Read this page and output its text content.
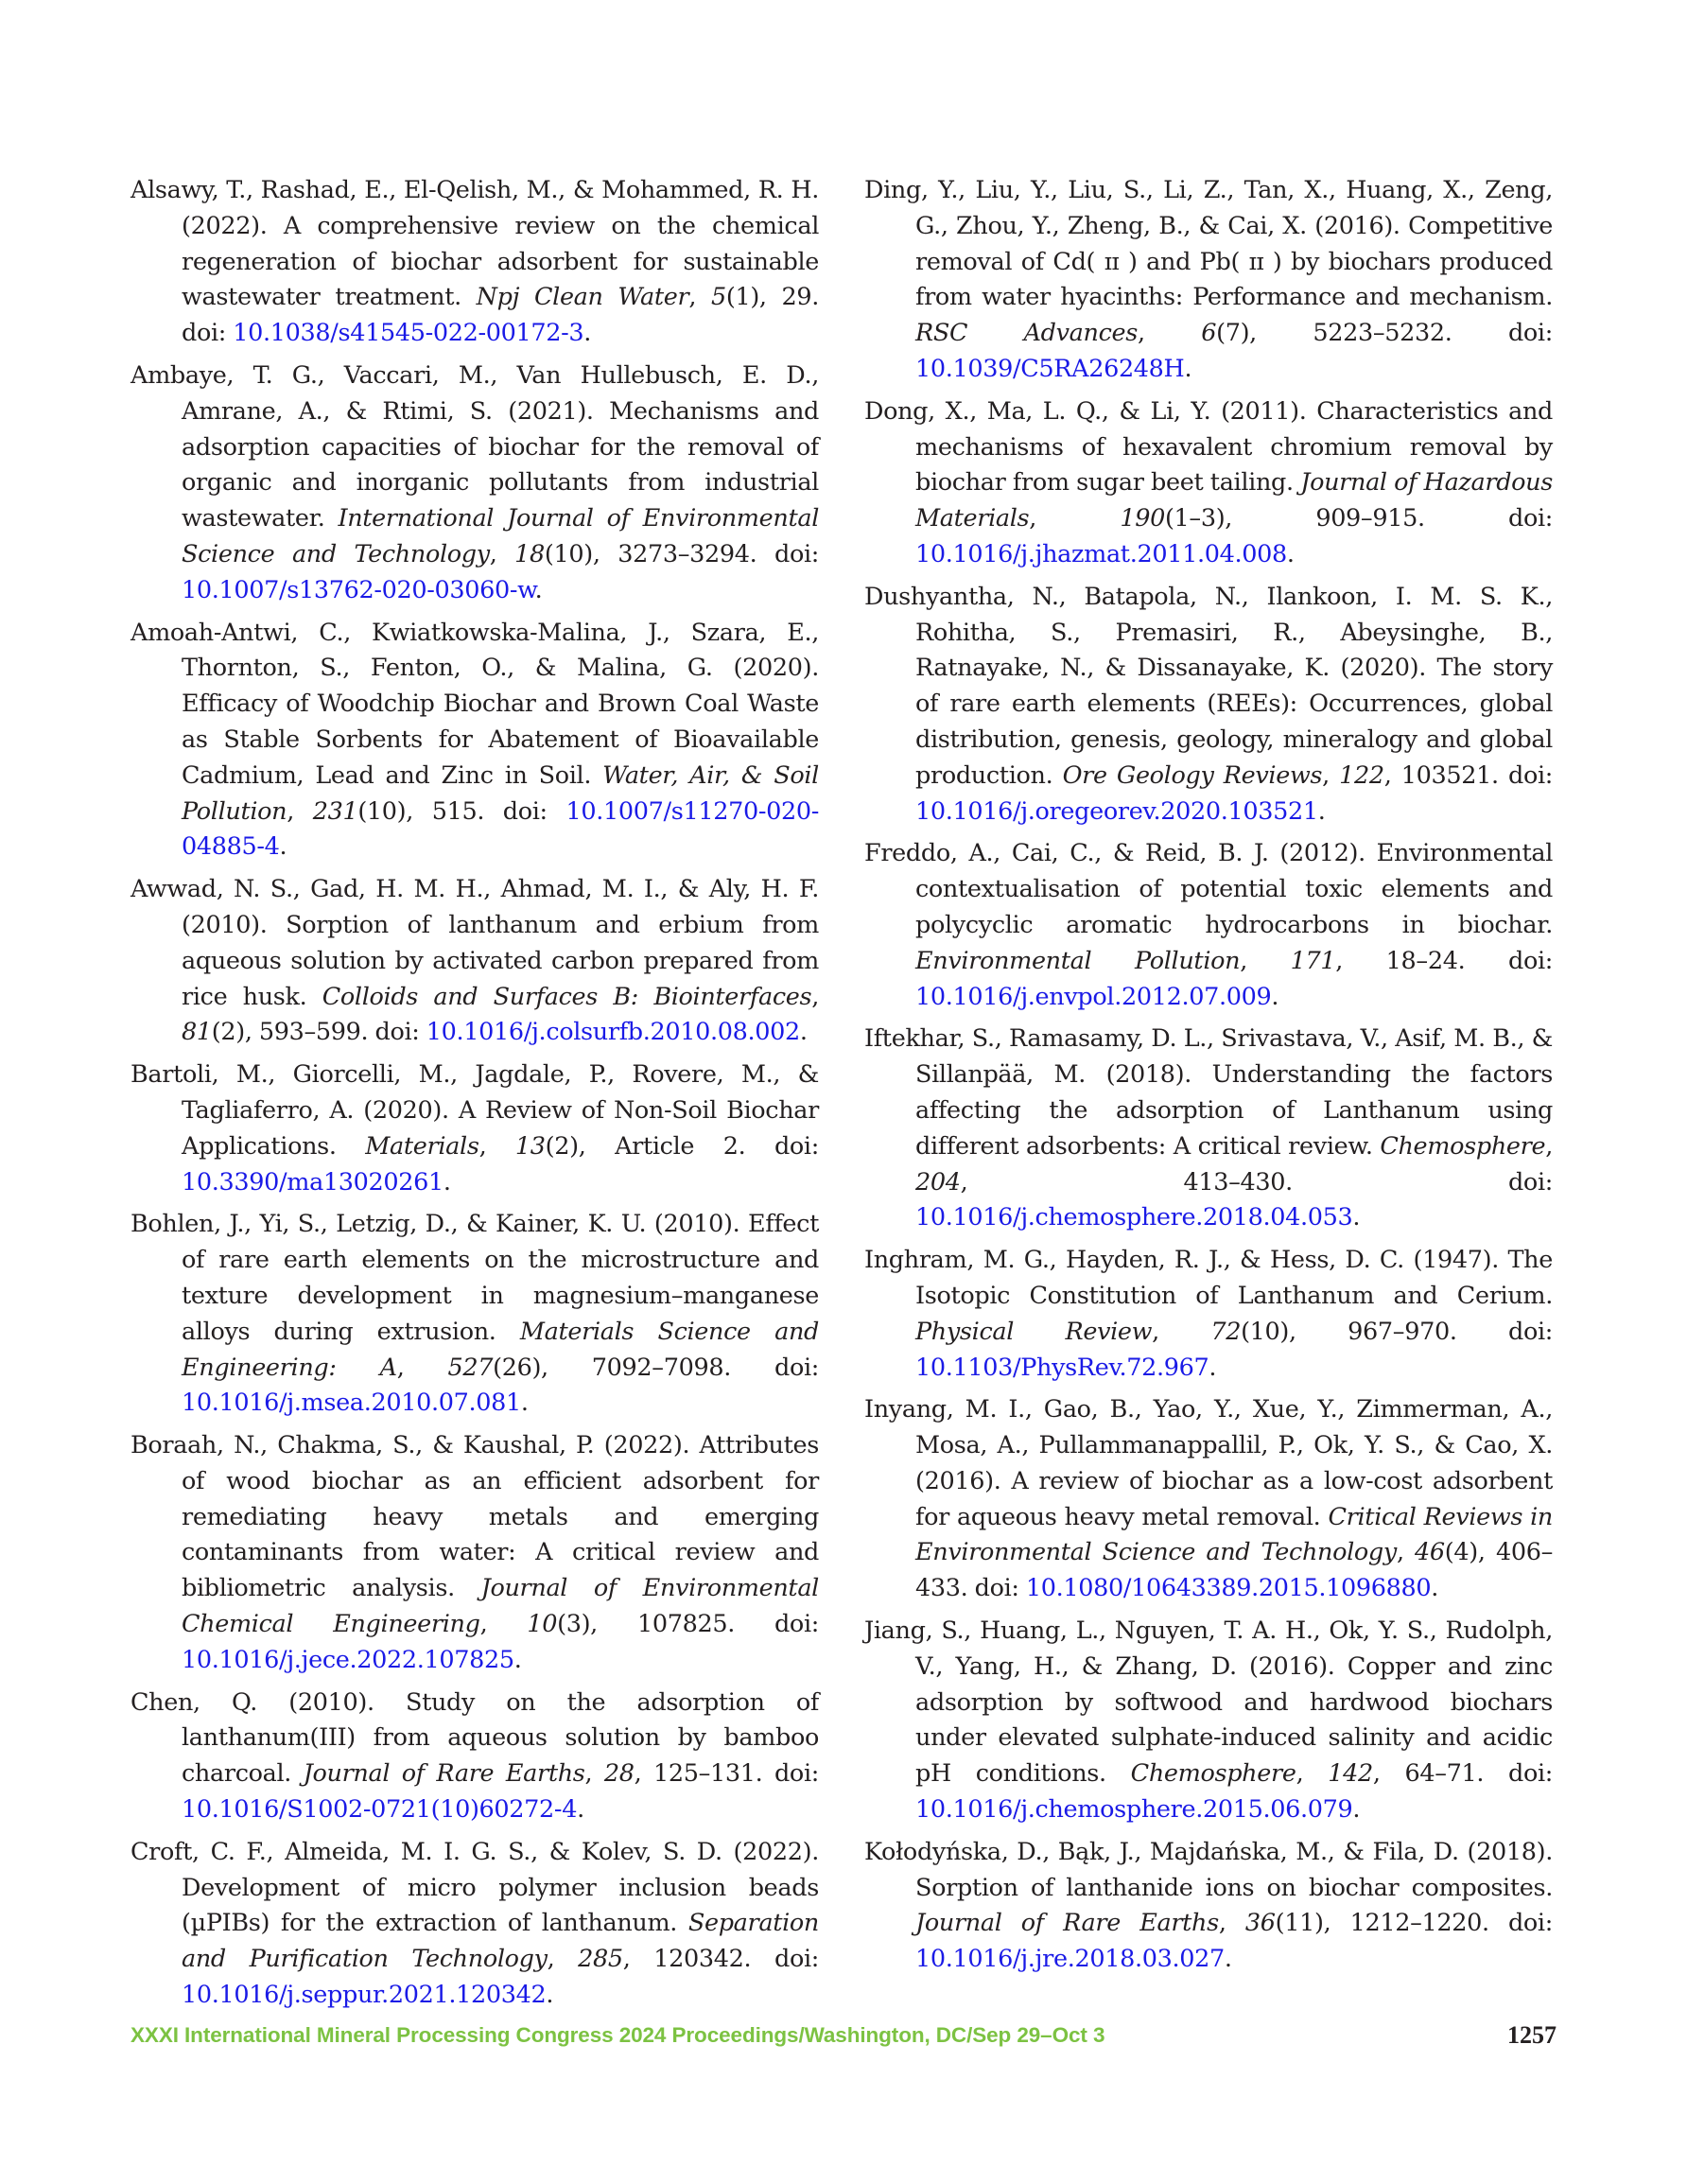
Alsawy, T., Rashad, E., El-Qelish, M., & Mohammed, R. H. (2022). A comprehensive review on the chemical regeneration of biochar adsorbent for sustainable wastewater treatment. Npj Clean Water, 5(1), 29. doi: 10.1038/s41545-022-00172-3.

Ambaye, T. G., Vaccari, M., Van Hullebusch, E. D., Amrane, A., & Rtimi, S. (2021). Mechanisms and adsorption capacities of biochar for the removal of organic and inorganic pollutants from industrial wastewater. International Journal of Environmental Science and Technology, 18(10), 3273–3294. doi: 10.1007/s13762-020-03060-w.

Amoah-Antwi, C., Kwiatkowska-Malina, J., Szara, E., Thornton, S., Fenton, O., & Malina, G. (2020). Efficacy of Woodchip Biochar and Brown Coal Waste as Stable Sorbents for Abatement of Bioavailable Cadmium, Lead and Zinc in Soil. Water, Air, & Soil Pollution, 231(10), 515. doi: 10.1007/s11270-020-04885-4.

Awwad, N. S., Gad, H. M. H., Ahmad, M. I., & Aly, H. F. (2010). Sorption of lanthanum and erbium from aqueous solution by activated carbon prepared from rice husk. Colloids and Surfaces B: Biointerfaces, 81(2), 593–599. doi: 10.1016/j.colsurfb.2010.08.002.

Bartoli, M., Giorcelli, M., Jagdale, P., Rovere, M., & Tagliaferro, A. (2020). A Review of Non-Soil Biochar Applications. Materials, 13(2), Article 2. doi: 10.3390/ma13020261.

Bohlen, J., Yi, S., Letzig, D., & Kainer, K. U. (2010). Effect of rare earth elements on the microstructure and texture development in magnesium–manganese alloys during extrusion. Materials Science and Engineering: A, 527(26), 7092–7098. doi: 10.1016/j.msea.2010.07.081.

Boraah, N., Chakma, S., & Kaushal, P. (2022). Attributes of wood biochar as an efficient adsorbent for remediating heavy metals and emerging contaminants from water: A critical review and bibliometric analysis. Journal of Environmental Chemical Engineering, 10(3), 107825. doi: 10.1016/j.jece.2022.107825.

Chen, Q. (2010). Study on the adsorption of lanthanum(III) from aqueous solution by bamboo charcoal. Journal of Rare Earths, 28, 125–131. doi: 10.1016/S1002-0721(10)60272-4.

Croft, C. F., Almeida, M. I. G. S., & Kolev, S. D. (2022). Development of micro polymer inclusion beads (µPIBs) for the extraction of lanthanum. Separation and Purification Technology, 285, 120342. doi: 10.1016/j.seppur.2021.120342.

Ding, Y., Liu, Y., Liu, S., Li, Z., Tan, X., Huang, X., Zeng, G., Zhou, Y., Zheng, B., & Cai, X. (2016). Competitive removal of Cd( ɪɪ ) and Pb( ɪɪ ) by biochars produced from water hyacinths: Performance and mechanism. RSC Advances, 6(7), 5223–5232. doi: 10.1039/C5RA26248H.

Dong, X., Ma, L. Q., & Li, Y. (2011). Characteristics and mechanisms of hexavalent chromium removal by biochar from sugar beet tailing. Journal of Hazardous Materials, 190(1–3), 909–915. doi: 10.1016/j.jhazmat.2011.04.008.

Dushyantha, N., Batapola, N., Ilankoon, I. M. S. K., Rohitha, S., Premasiri, R., Abeysinghe, B., Ratnayake, N., & Dissanayake, K. (2020). The story of rare earth elements (REEs): Occurrences, global distribution, genesis, geology, mineralogy and global production. Ore Geology Reviews, 122, 103521. doi: 10.1016/j.oregeorev.2020.103521.

Freddo, A., Cai, C., & Reid, B. J. (2012). Environmental contextualisation of potential toxic elements and polycyclic aromatic hydrocarbons in biochar. Environmental Pollution, 171, 18–24. doi: 10.1016/j.envpol.2012.07.009.

Iftekhar, S., Ramasamy, D. L., Srivastava, V., Asif, M. B., & Sillanpää, M. (2018). Understanding the factors affecting the adsorption of Lanthanum using different adsorbents: A critical review. Chemosphere, 204, 413–430. doi: 10.1016/j.chemosphere.2018.04.053.

Inghram, M. G., Hayden, R. J., & Hess, D. C. (1947). The Isotopic Constitution of Lanthanum and Cerium. Physical Review, 72(10), 967–970. doi: 10.1103/PhysRev.72.967.

Inyang, M. I., Gao, B., Yao, Y., Xue, Y., Zimmerman, A., Mosa, A., Pullammanappallil, P., Ok, Y. S., & Cao, X. (2016). A review of biochar as a low-cost adsorbent for aqueous heavy metal removal. Critical Reviews in Environmental Science and Technology, 46(4), 406–433. doi: 10.1080/10643389.2015.1096880.

Jiang, S., Huang, L., Nguyen, T. A. H., Ok, Y. S., Rudolph, V., Yang, H., & Zhang, D. (2016). Copper and zinc adsorption by softwood and hardwood biochars under elevated sulphate-induced salinity and acidic pH conditions. Chemosphere, 142, 64–71. doi: 10.1016/j.chemosphere.2015.06.079.

Kołodyńska, D., Bąk, J., Majdańska, M., & Fila, D. (2018). Sorption of lanthanide ions on biochar composites. Journal of Rare Earths, 36(11), 1212–1220. doi: 10.1016/j.jre.2018.03.027.

XXXI International Mineral Processing Congress 2024 Proceedings/Washington, DC/Sep 29–Oct 3	1257
